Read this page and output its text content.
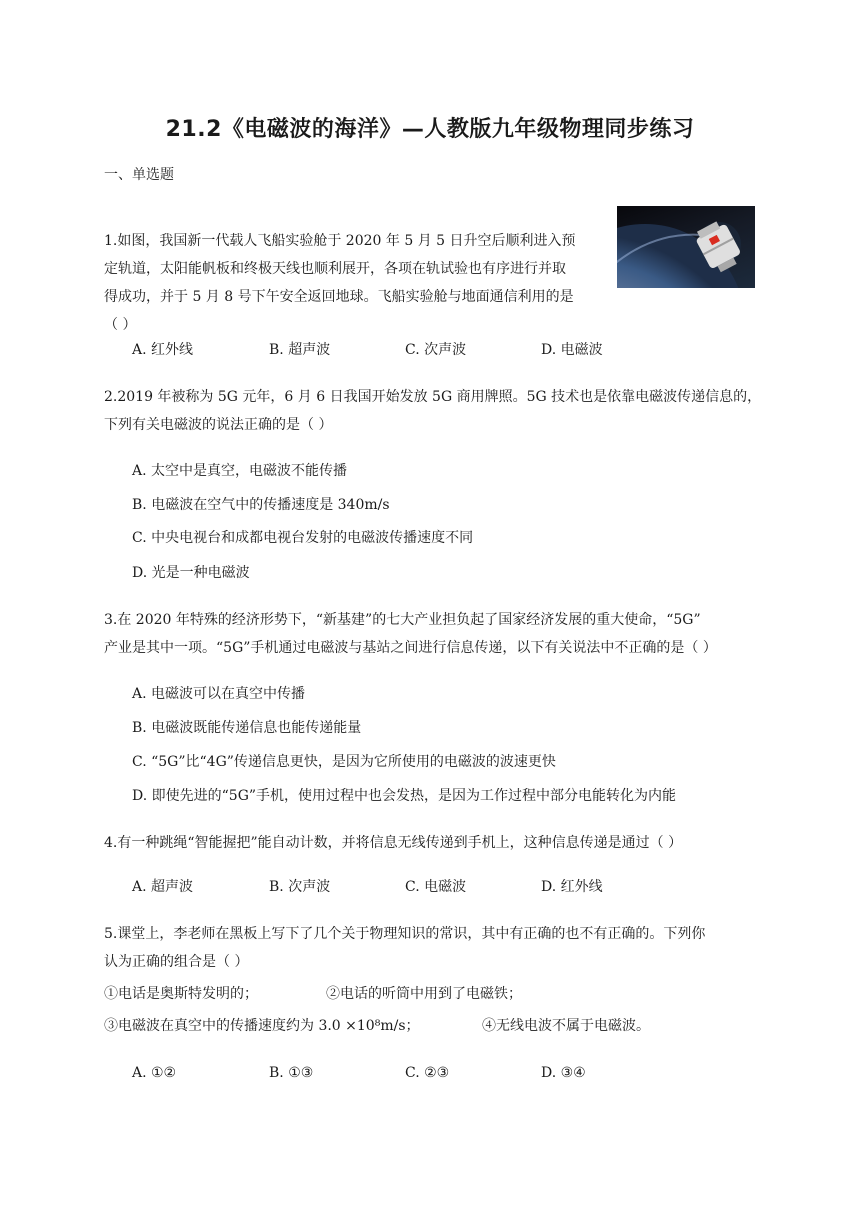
21.2《电磁波的海洋》—人教版九年级物理同步练习
一、单选题
1.如图，我国新一代载人飞船实验舱于 2020 年 5 月 5 日升空后顺利进入预
定轨道，太阳能帆板和终极天线也顺利展开，各项在轨试验也有序进行并取
得成功，并于 5 月 8 号下午安全返回地球。飞船实验舱与地面通信利用的是
（ ）
A. 红外线	B. 超声波	C. 次声波	D. 电磁波
2.2019 年被称为 5G 元年，6 月 6 日我国开始发放 5G 商用牌照。5G 技术也是依靠电磁波传递信息的，
下列有关电磁波的说法正确的是（ ）
A. 太空中是真空，电磁波不能传播
B. 电磁波在空气中的传播速度是 340m/s
C. 中央电视台和成都电视台发射的电磁波传播速度不同
D. 光是一种电磁波
3.在 2020 年特殊的经济形势下，“新基建”的七大产业担负起了国家经济发展的重大使命，“5G”
产业是其中一项。“5G”手机通过电磁波与基站之间进行信息传递，以下有关说法中不正确的是（ ）
A. 电磁波可以在真空中传播
B. 电磁波既能传递信息也能传递能量
C. “5G”比“4G”传递信息更快，是因为它所使用的电磁波的波速更快
D. 即使先进的“5G”手机，使用过程中也会发热，是因为工作过程中部分电能转化为内能
4.有一种跳绳“智能握把”能自动计数，并将信息无线传递到手机上，这种信息传递是通过（ ）
A. 超声波	B. 次声波	C. 电磁波	D. 红外线
5.课堂上，李老师在黑板上写下了几个关于物理知识的常识，其中有正确的也不有正确的。下列你
认为正确的组合是（ ）
①电话是奥斯特发明的；	②电话的听筒中用到了电磁铁；
③电磁波在真空中的传播速度约为 3.0 ×10⁸m/s；	④无线电波不属于电磁波。
A. ①②	B. ①③	C. ②③	D. ③④
